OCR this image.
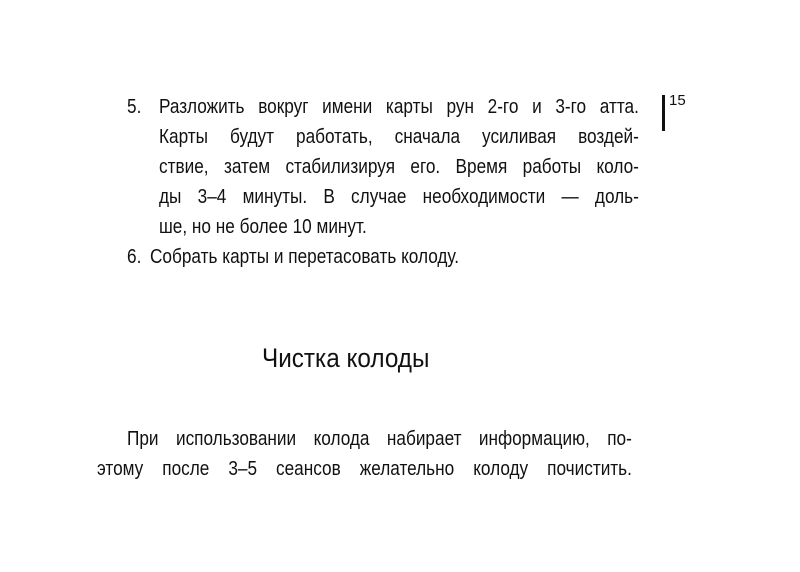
15
5. Разложить вокруг имени карты рун 2-го и 3-го атта.
Карты будут работать, сначала усиливая воздей-
ствие, затем стабилизируя его. Время работы коло-
ды 3–4 минуты. В случае необходимости — доль-
ше, но не более 10 минут.
6. Собрать карты и перетасовать колоду.
Чистка колоды
При использовании колода набирает информацию, по-
этому после 3–5 сеансов желательно колоду почистить.
